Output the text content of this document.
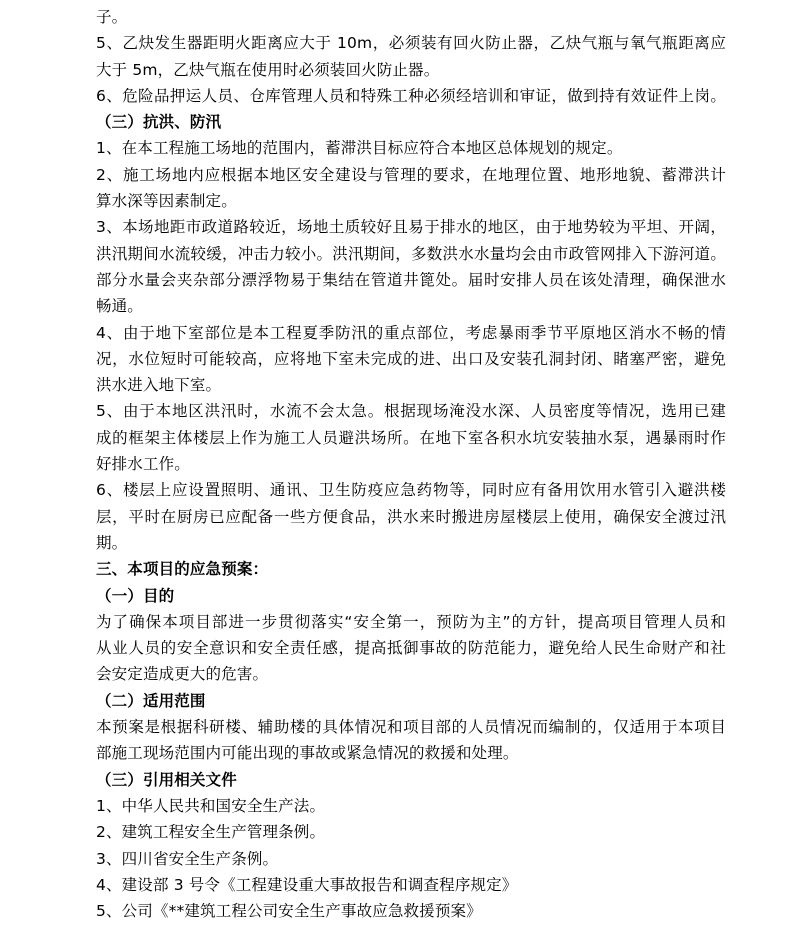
子。
5、乙炔发生器距明火距离应大于 10m，必须装有回火防止器，乙炔气瓶与氧气瓶距离应
大于 5m，乙炔气瓶在使用时必须装回火防止器。
6、危险品押运人员、仓库管理人员和特殊工种必须经培训和审证，做到持有效证件上岗。
（三）抗洪、防汛
1、在本工程施工场地的范围内，蓄滞洪目标应符合本地区总体规划的规定。
2、施工场地内应根据本地区安全建设与管理的要求，在地理位置、地形地貌、蓄滞洪计
算水深等因素制定。
3、本场地距市政道路较近，场地土质较好且易于排水的地区，由于地势较为平坦、开阔，
洪汛期间水流较缓，冲击力较小。洪汛期间，多数洪水水量均会由市政管网排入下游河道。
部分水量会夹杂部分漂浮物易于集结在管道井篦处。届时安排人员在该处清理，确保泄水
畅通。
4、由于地下室部位是本工程夏季防汛的重点部位，考虑暴雨季节平原地区消水不畅的情
况，水位短时可能较高，应将地下室未完成的进、出口及安装孔洞封闭、睹塞严密，避免
洪水进入地下室。
5、由于本地区洪汛时，水流不会太急。根据现场淹没水深、人员密度等情况，选用已建
成的框架主体楼层上作为施工人员避洪场所。在地下室各积水坑安装抽水泵，遇暴雨时作
好排水工作。
6、楼层上应设置照明、通讯、卫生防疫应急药物等，同时应有备用饮用水管引入避洪楼
层，平时在厨房已应配备一些方便食品，洪水来时搬进房屋楼层上使用，确保安全渡过汛
期。
三、本项目的应急预案：
（一）目的
为了确保本项目部进一步贯彻落实“安全第一，预防为主”的方针，提高项目管理人员和
从业人员的安全意识和安全责任感，提高抵御事故的防范能力，避免给人民生命财产和社
会安定造成更大的危害。
（二）适用范围
本预案是根据科研楼、辅助楼的具体情况和项目部的人员情况而编制的，仅适用于本项目
部施工现场范围内可能出现的事故或紧急情况的救援和处理。
（三）引用相关文件
1、中华人民共和国安全生产法。
2、建筑工程安全生产管理条例。
3、四川省安全生产条例。
4、建设部 3 号令《工程建设重大事故报告和调查程序规定》
5、公司《**建筑工程公司安全生产事故应急救援预案》
